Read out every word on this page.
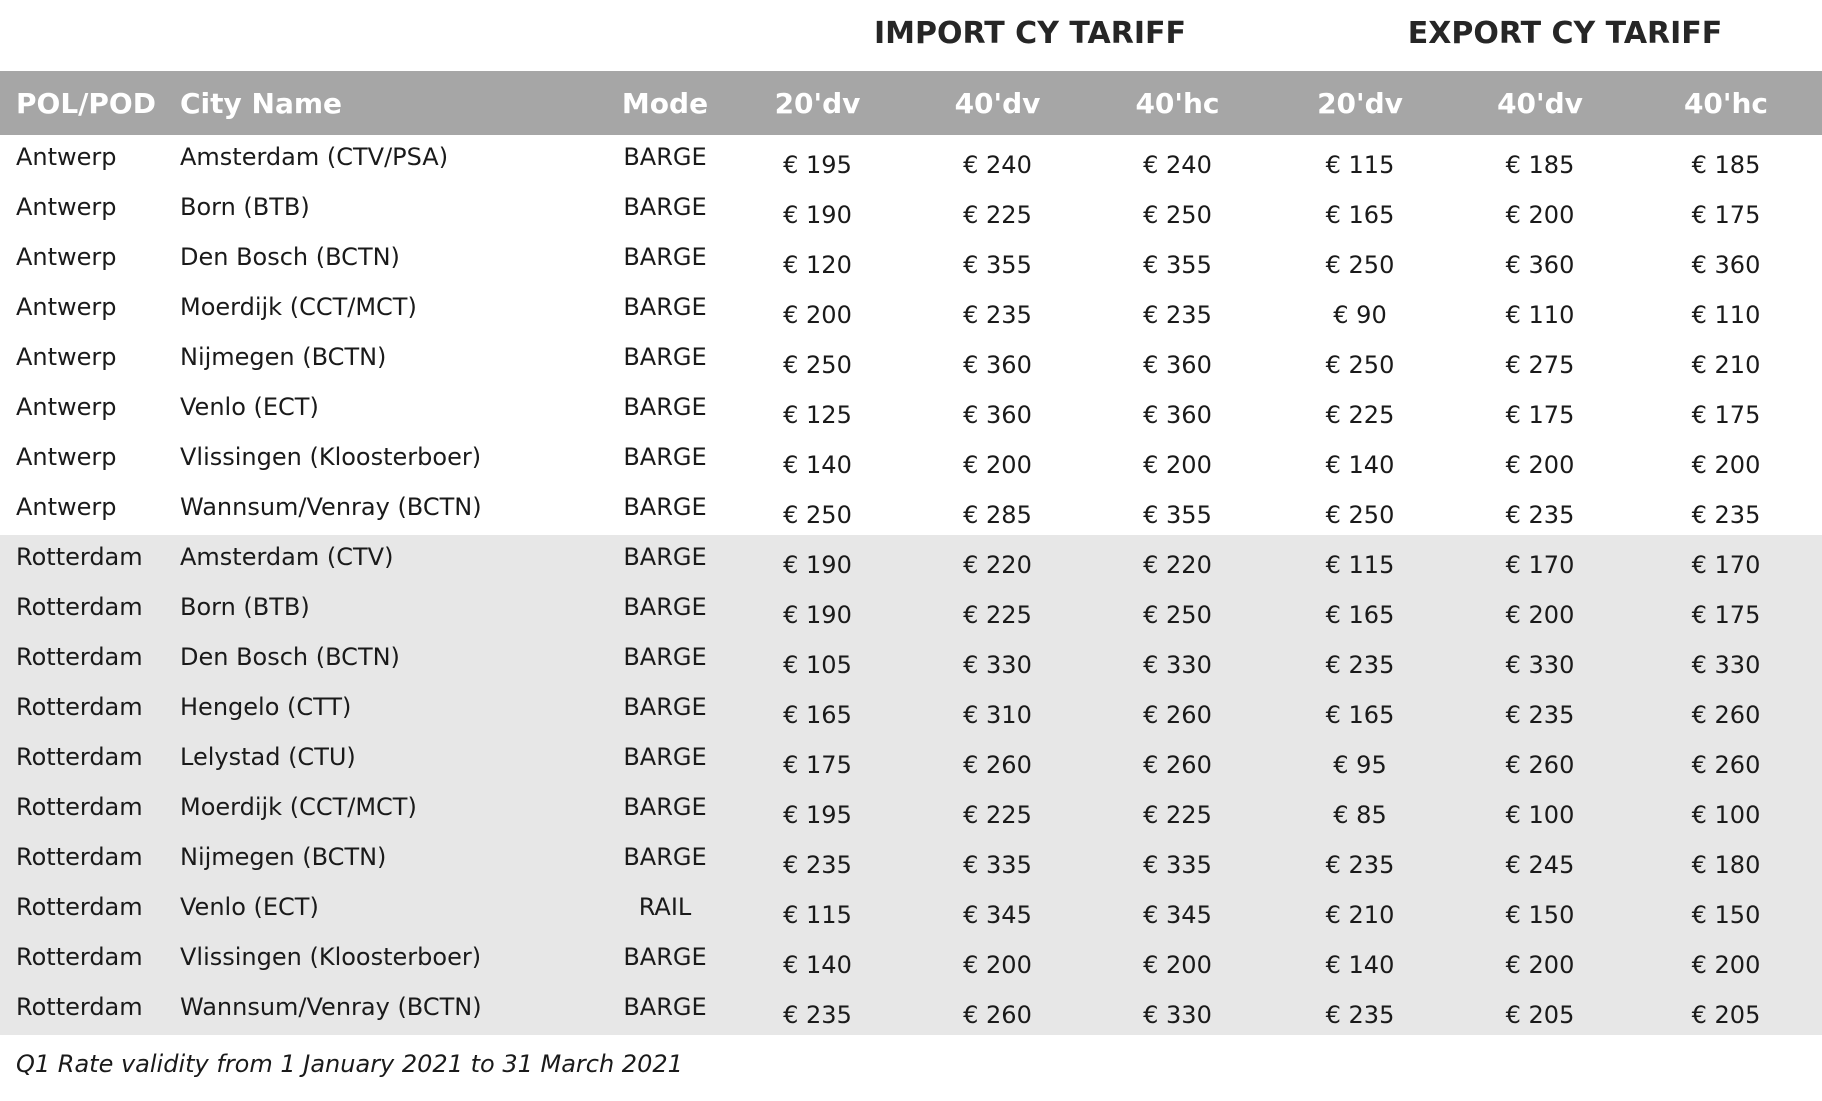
IMPORT CY TARIFF	EXPORT CY TARIFF
POL/POD	City Name	Mode	20'dv	40'dv	40'hc	20'dv	40'dv	40'hc
Antwerp	Amsterdam (CTV/PSA)	BARGE	€ 195	€ 240	€ 240	€ 115	€ 185	€ 185
Antwerp	Born (BTB)	BARGE	€ 190	€ 225	€ 250	€ 165	€ 200	€ 175
Antwerp	Den Bosch (BCTN)	BARGE	€ 120	€ 355	€ 355	€ 250	€ 360	€ 360
Antwerp	Moerdijk (CCT/MCT)	BARGE	€ 200	€ 235	€ 235	€ 90	€ 110	€ 110
Antwerp	Nijmegen (BCTN)	BARGE	€ 250	€ 360	€ 360	€ 250	€ 275	€ 210
Antwerp	Venlo (ECT)	BARGE	€ 125	€ 360	€ 360	€ 225	€ 175	€ 175
Antwerp	Vlissingen (Kloosterboer)	BARGE	€ 140	€ 200	€ 200	€ 140	€ 200	€ 200
Antwerp	Wannsum/Venray (BCTN)	BARGE	€ 250	€ 285	€ 355	€ 250	€ 235	€ 235
Rotterdam	Amsterdam (CTV)	BARGE	€ 190	€ 220	€ 220	€ 115	€ 170	€ 170
Rotterdam	Born (BTB)	BARGE	€ 190	€ 225	€ 250	€ 165	€ 200	€ 175
Rotterdam	Den Bosch (BCTN)	BARGE	€ 105	€ 330	€ 330	€ 235	€ 330	€ 330
Rotterdam	Hengelo (CTT)	BARGE	€ 165	€ 310	€ 260	€ 165	€ 235	€ 260
Rotterdam	Lelystad (CTU)	BARGE	€ 175	€ 260	€ 260	€ 95	€ 260	€ 260
Rotterdam	Moerdijk (CCT/MCT)	BARGE	€ 195	€ 225	€ 225	€ 85	€ 100	€ 100
Rotterdam	Nijmegen (BCTN)	BARGE	€ 235	€ 335	€ 335	€ 235	€ 245	€ 180
Rotterdam	Venlo (ECT)	RAIL	€ 115	€ 345	€ 345	€ 210	€ 150	€ 150
Rotterdam	Vlissingen (Kloosterboer)	BARGE	€ 140	€ 200	€ 200	€ 140	€ 200	€ 200
Rotterdam	Wannsum/Venray (BCTN)	BARGE	€ 235	€ 260	€ 330	€ 235	€ 205	€ 205
Q1 Rate validity from 1 January 2021 to 31 March 2021
